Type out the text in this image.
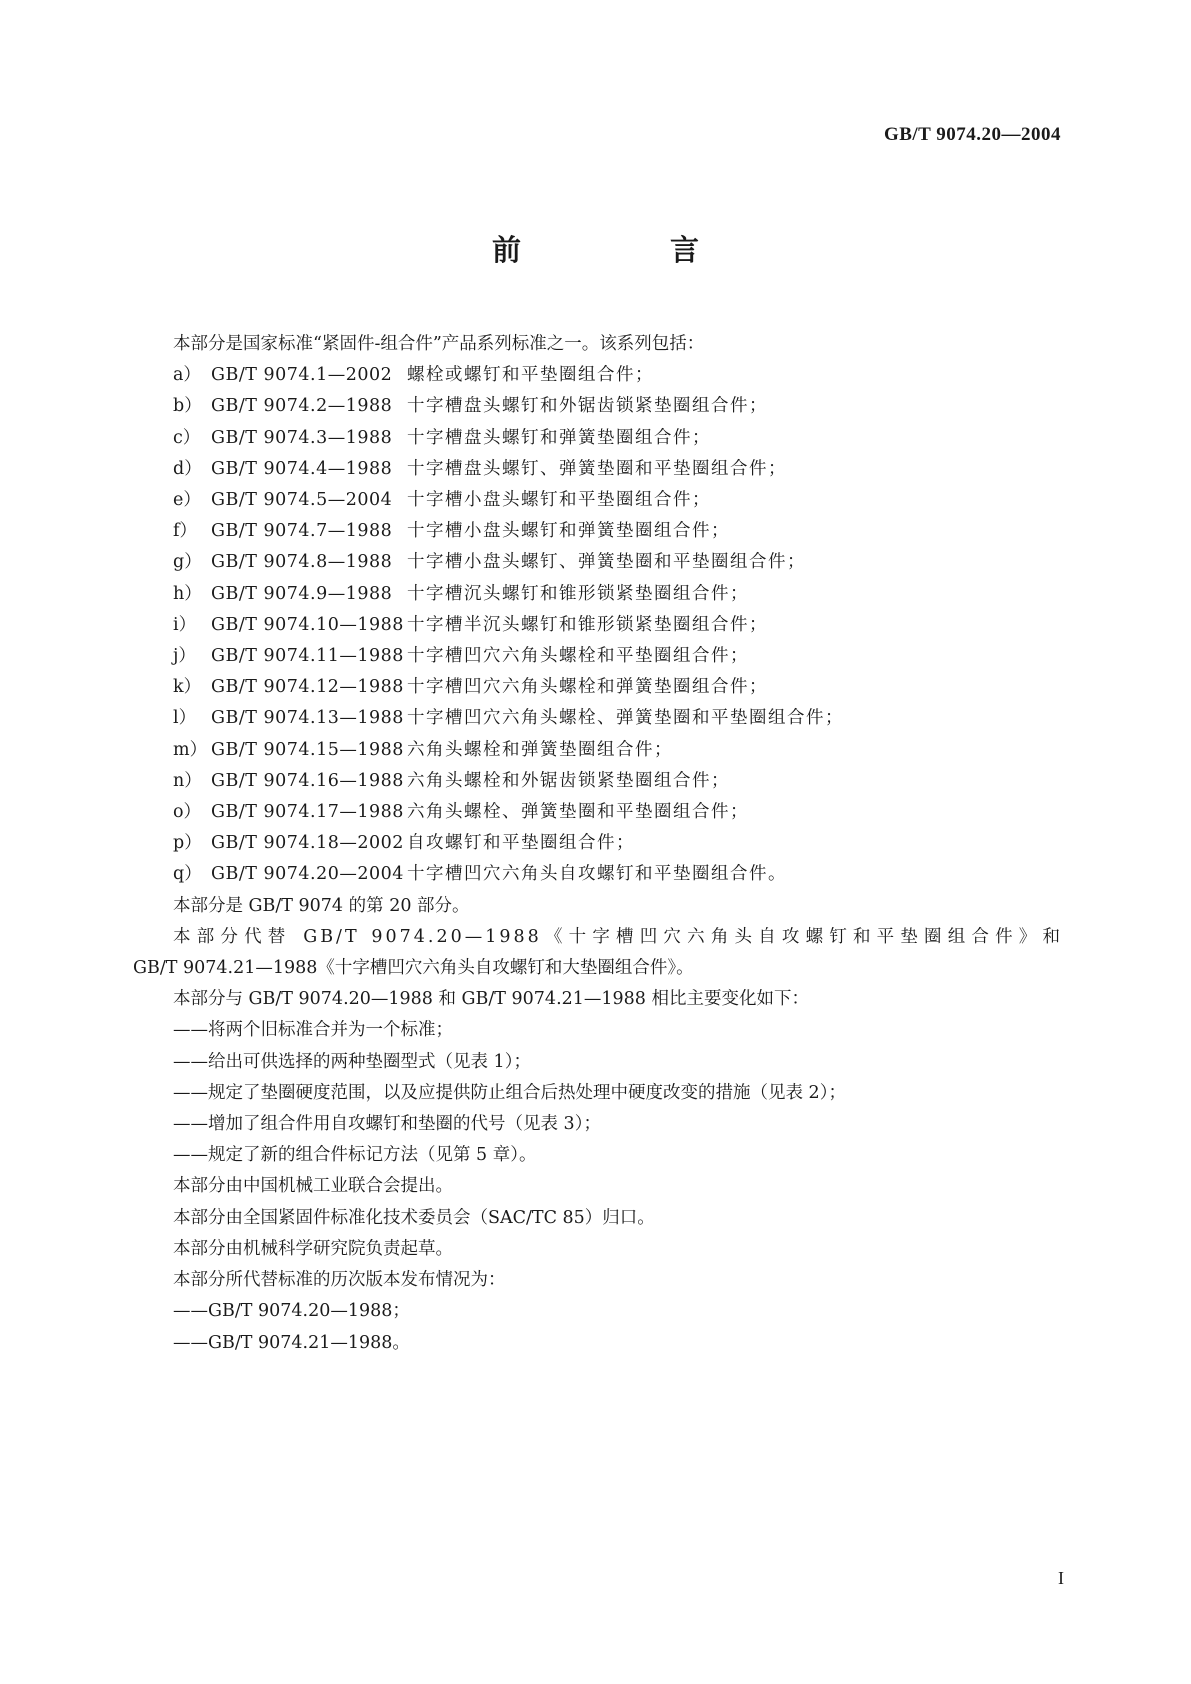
GB/T 9074.20—2004
前　言

本部分是国家标准“紧固件-组合件”产品系列标准之一。该系列包括：

a） GB/T 9074.1—2002 螺栓或螺钉和平垫圈组合件；
b） GB/T 9074.2—1988 十字槽盘头螺钉和外锯齿锁紧垫圈组合件；
c） GB/T 9074.3—1988 十字槽盘头螺钉和弹簧垫圈组合件；
d） GB/T 9074.4—1988 十字槽盘头螺钉、弹簧垫圈和平垫圈组合件；
e） GB/T 9074.5—2004 十字槽小盘头螺钉和平垫圈组合件；
f） GB/T 9074.7—1988 十字槽小盘头螺钉和弹簧垫圈组合件；
g） GB/T 9074.8—1988 十字槽小盘头螺钉、弹簧垫圈和平垫圈组合件；
h） GB/T 9074.9—1988 十字槽沉头螺钉和锥形锁紧垫圈组合件；
i） GB/T 9074.10—1988 十字槽半沉头螺钉和锥形锁紧垫圈组合件；
j） GB/T 9074.11—1988 十字槽凹穴六角头螺栓和平垫圈组合件；
k） GB/T 9074.12—1988 十字槽凹穴六角头螺栓和弹簧垫圈组合件；
l） GB/T 9074.13—1988 十字槽凹穴六角头螺栓、弹簧垫圈和平垫圈组合件；
m） GB/T 9074.15—1988 六角头螺栓和弹簧垫圈组合件；
n） GB/T 9074.16—1988 六角头螺栓和外锯齿锁紧垫圈组合件；
o） GB/T 9074.17—1988 六角头螺栓、弹簧垫圈和平垫圈组合件；
p） GB/T 9074.18—2002 自攻螺钉和平垫圈组合件；
q） GB/T 9074.20—2004 十字槽凹穴六角头自攻螺钉和平垫圈组合件。

本部分是 GB/T 9074 的第 20 部分。

本部分代替 GB/T 9074.20—1988《十字槽凹穴六角头自攻螺钉和平垫圈组合件》和

GB/T 9074.21—1988《十字槽凹穴六角头自攻螺钉和大垫圈组合件》。

本部分与 GB/T 9074.20—1988 和 GB/T 9074.21—1988 相比主要变化如下：

——将两个旧标准合并为一个标准；
——给出可供选择的两种垫圈型式（见表 1）；
——规定了垫圈硬度范围，以及应提供防止组合后热处理中硬度改变的措施（见表 2）；
——增加了组合件用自攻螺钉和垫圈的代号（见表 3）；
——规定了新的组合件标记方法（见第 5 章）。

本部分由中国机械工业联合会提出。

本部分由全国紧固件标准化技术委员会（SAC/TC 85）归口。

本部分由机械科学研究院负责起草。

本部分所代替标准的历次版本发布情况为：

——GB/T 9074.20—1988；
——GB/T 9074.21—1988。
I
